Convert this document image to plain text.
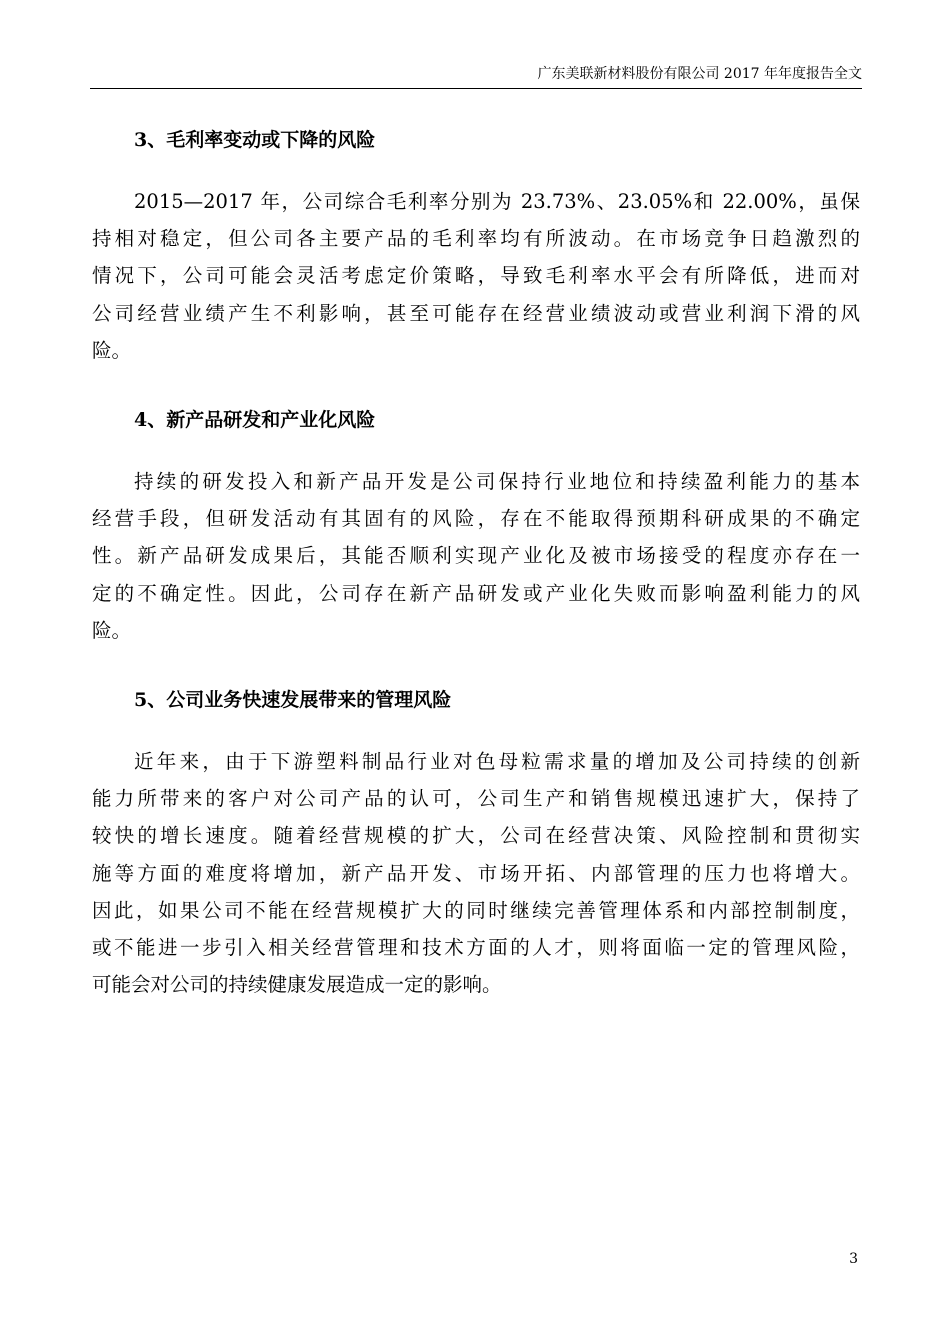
广东美联新材料股份有限公司 2017 年年度报告全文
3、毛利率变动或下降的风险
2015—2017 年，公司综合毛利率分别为 23.73%、23.05%和 22.00%，虽保
持相对稳定，但公司各主要产品的毛利率均有所波动。在市场竞争日趋激烈的
情况下，公司可能会灵活考虑定价策略，导致毛利率水平会有所降低，进而对
公司经营业绩产生不利影响，甚至可能存在经营业绩波动或营业利润下滑的风
险。
4、新产品研发和产业化风险
持续的研发投入和新产品开发是公司保持行业地位和持续盈利能力的基本
经营手段，但研发活动有其固有的风险，存在不能取得预期科研成果的不确定
性。新产品研发成果后，其能否顺利实现产业化及被市场接受的程度亦存在一
定的不确定性。因此，公司存在新产品研发或产业化失败而影响盈利能力的风
险。
5、公司业务快速发展带来的管理风险
近年来，由于下游塑料制品行业对色母粒需求量的增加及公司持续的创新
能力所带来的客户对公司产品的认可，公司生产和销售规模迅速扩大，保持了
较快的增长速度。随着经营规模的扩大，公司在经营决策、风险控制和贯彻实
施等方面的难度将增加，新产品开发、市场开拓、内部管理的压力也将增大。
因此，如果公司不能在经营规模扩大的同时继续完善管理体系和内部控制制度，
或不能进一步引入相关经营管理和技术方面的人才，则将面临一定的管理风险，
可能会对公司的持续健康发展造成一定的影响。
3
